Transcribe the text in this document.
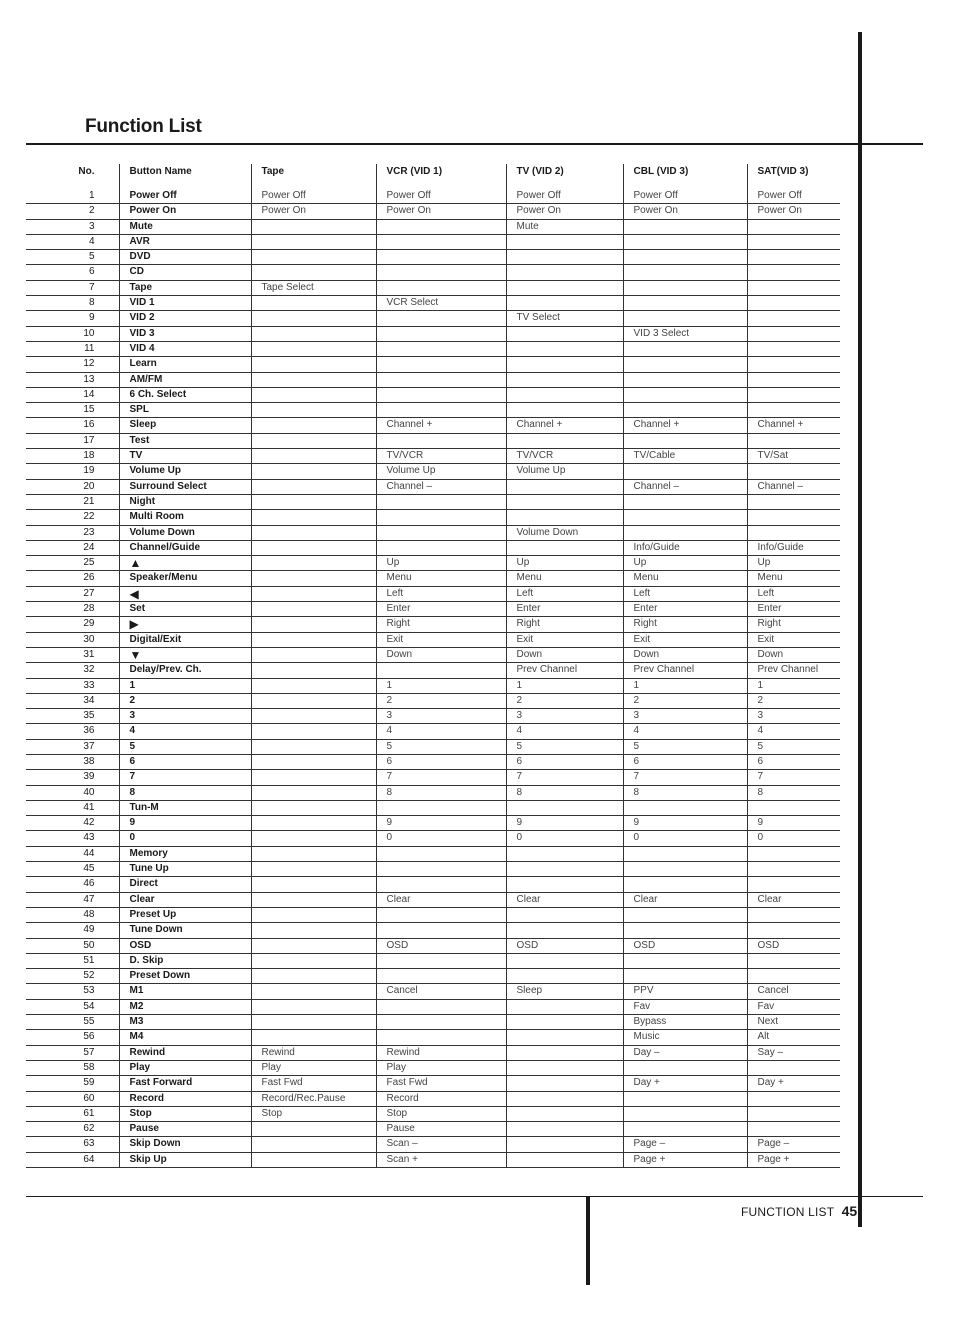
Function List
No.	Button Name	Tape	VCR (VID 1)	TV (VID 2)	CBL (VID 3)	SAT(VID 3)
1	Power Off	Power Off	Power Off	Power Off	Power Off	Power Off
2	Power On	Power On	Power On	Power On	Power On	Power On
3	Mute			Mute		
4	AVR					
5	DVD					
6	CD					
7	Tape	Tape Select				
8	VID 1		VCR Select			
9	VID 2			TV Select		
10	VID 3				VID 3 Select	
11	VID 4					
12	Learn					
13	AM/FM					
14	6 Ch. Select					
15	SPL					
16	Sleep		Channel +	Channel +	Channel +	Channel +
17	Test					
18	TV		TV/VCR	TV/VCR	TV/Cable	TV/Sat
19	Volume Up		Volume Up	Volume Up		
20	Surround Select		Channel –		Channel –	Channel –
21	Night					
22	Multi Room					
23	Volume Down			Volume Down		
24	Channel/Guide				Info/Guide	Info/Guide
25	▲		Up	Up	Up	Up
26	Speaker/Menu		Menu	Menu	Menu	Menu
27	◀		Left	Left	Left	Left
28	Set		Enter	Enter	Enter	Enter
29	▶		Right	Right	Right	Right
30	Digital/Exit		Exit	Exit	Exit	Exit
31	▼		Down	Down	Down	Down
32	Delay/Prev. Ch.			Prev Channel	Prev Channel	Prev Channel
33	1		1	1	1	1
34	2		2	2	2	2
35	3		3	3	3	3
36	4		4	4	4	4
37	5		5	5	5	5
38	6		6	6	6	6
39	7		7	7	7	7
40	8		8	8	8	8
41	Tun-M					
42	9		9	9	9	9
43	0		0	0	0	0
44	Memory					
45	Tune Up					
46	Direct					
47	Clear		Clear	Clear	Clear	Clear
48	Preset Up					
49	Tune Down					
50	OSD		OSD	OSD	OSD	OSD
51	D. Skip					
52	Preset Down					
53	M1		Cancel	Sleep	PPV	Cancel
54	M2				Fav	Fav
55	M3				Bypass	Next
56	M4				Music	Alt
57	Rewind	Rewind	Rewind		Day –	Say –
58	Play	Play	Play			
59	Fast Forward	Fast Fwd	Fast Fwd		Day +	Day +
60	Record	Record/Rec.Pause	Record			
61	Stop	Stop	Stop			
62	Pause		Pause			
63	Skip Down		Scan –		Page –	Page –
64	Skip Up		Scan +		Page +	Page +
FUNCTION LIST 45
